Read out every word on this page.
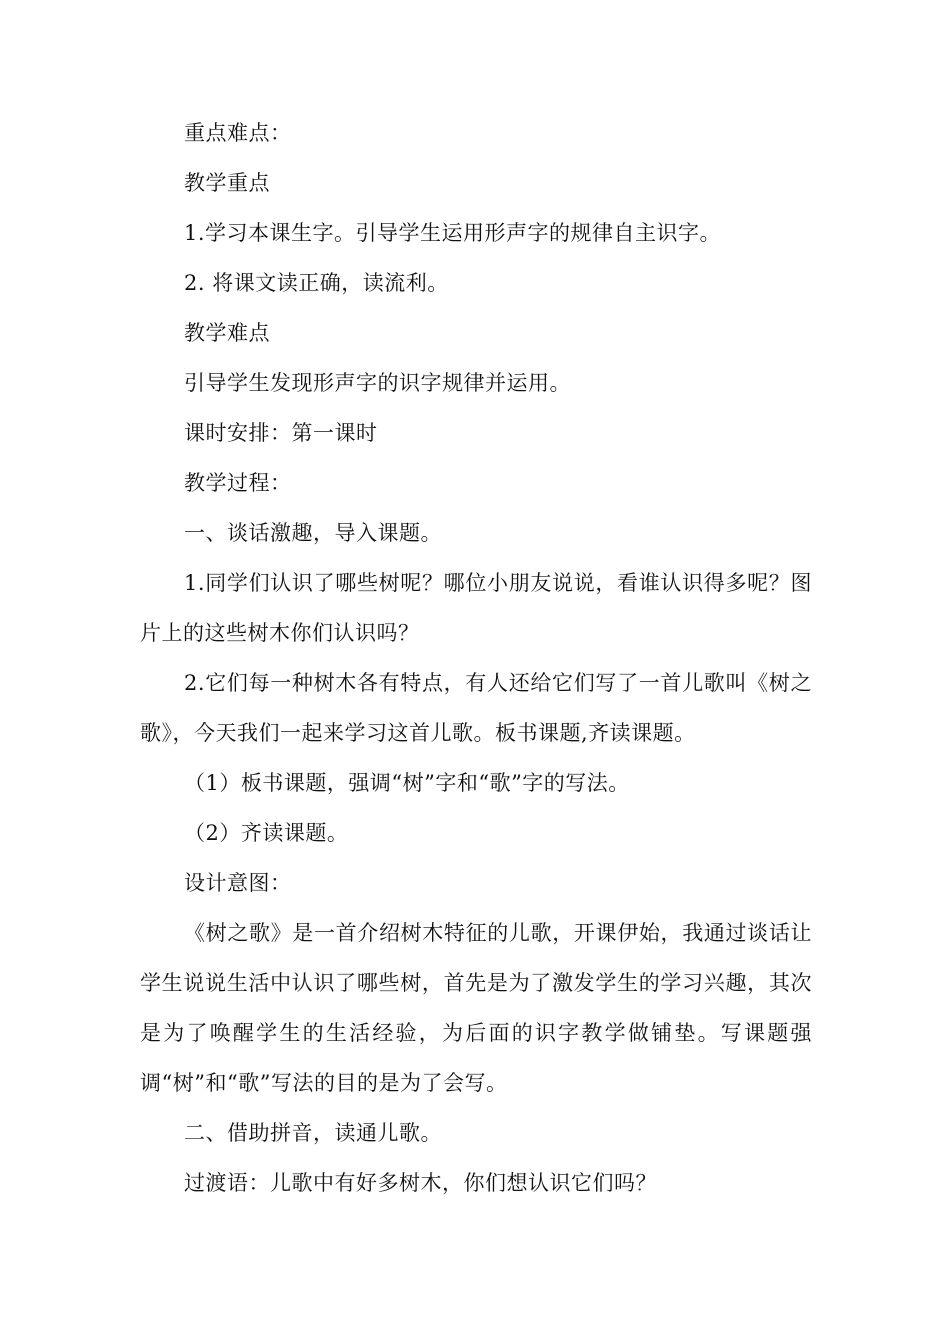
重点难点：

教学重点

1.学习本课生字。引导学生运用形声字的规律自主识字。

2. 将课文读正确，读流利。

教学难点

引导学生发现形声字的识字规律并运用。

课时安排：第一课时

教学过程：

一、谈话激趣，导入课题。

1.同学们认识了哪些树呢？哪位小朋友说说，看谁认识得多呢？图片上的这些树木你们认识吗？

2.它们每一种树木各有特点，有人还给它们写了一首儿歌叫《树之歌》，今天我们一起来学习这首儿歌。板书课题,齐读课题。

（1）板书课题，强调“树”字和“歌”字的写法。

（2）齐读课题。

设计意图：

《树之歌》是一首介绍树木特征的儿歌，开课伊始，我通过谈话让学生说说生活中认识了哪些树，首先是为了激发学生的学习兴趣，其次是为了唤醒学生的生活经验，为后面的识字教学做铺垫。写课题强调“树”和“歌”写法的目的是为了会写。

二、借助拼音，读通儿歌。

过渡语：儿歌中有好多树木，你们想认识它们吗？
